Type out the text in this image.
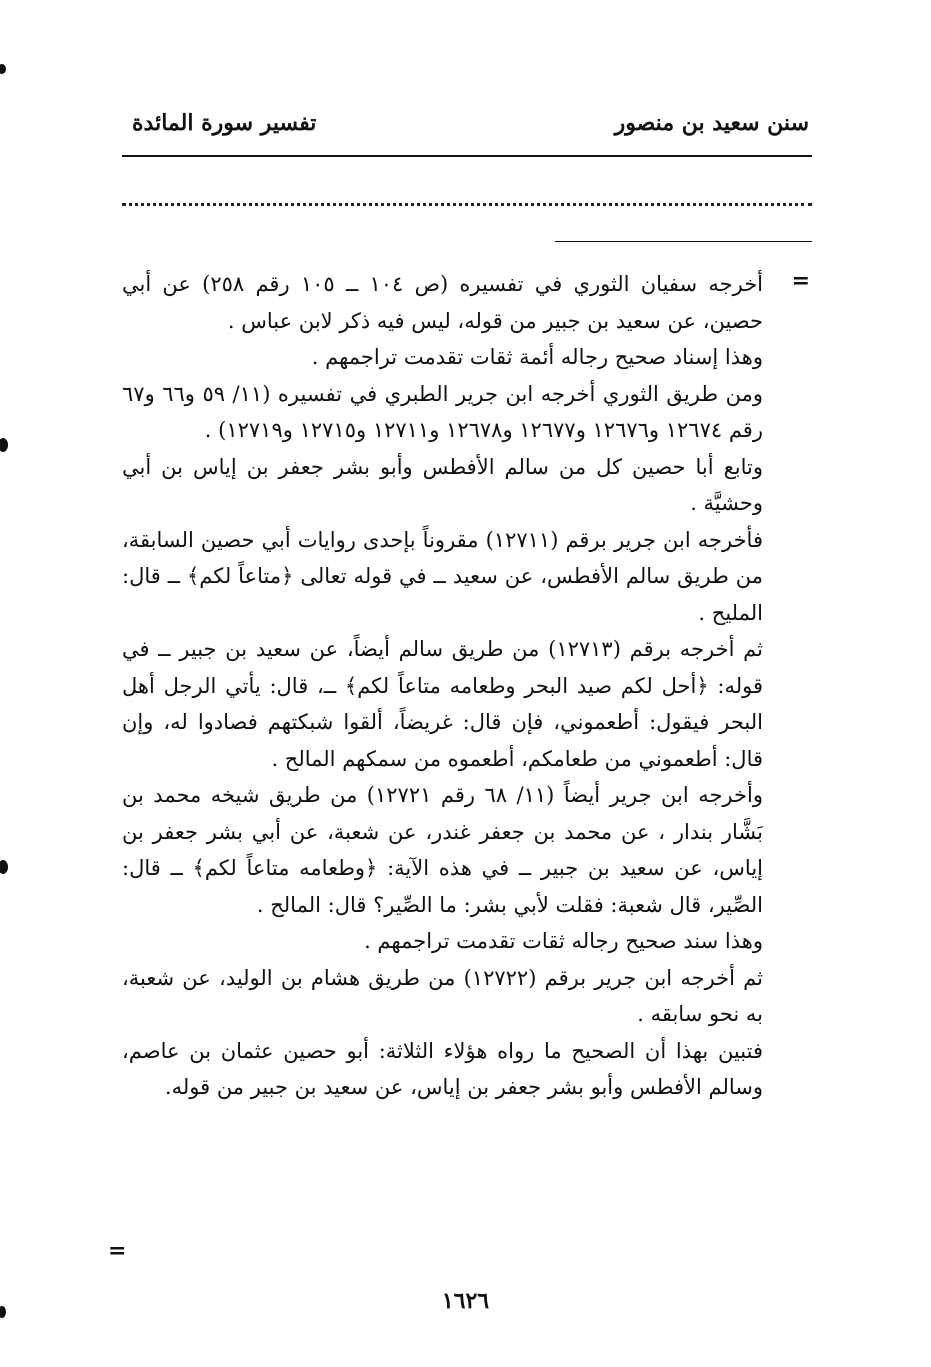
سنن سعيد بن منصور
تفسير سورة المائدة
=

أخرجه سفيان الثوري في تفسيره (ص ١٠٤ ــ ١٠٥ رقم ٢٥٨) عن أبي حصين، عن سعيد بن جبير من قوله، ليس فيه ذكر لابن عباس .

وهذا إسناد صحيح رجاله أئمة ثقات تقدمت تراجمهم .

ومن طريق الثوري أخرجه ابن جرير الطبري في تفسيره (١١/ ٥٩ و٦٦ و٦٧ رقم ١٢٦٧٤ و١٢٦٧٦ و١٢٦٧٧ و١٢٦٧٨ و١٢٧١١ و١٢٧١٥ و١٢٧١٩) .

وتابع أبا حصين كل من سالم الأفطس وأبو بشر جعفر بن إياس بن أبي وحشيَّة .

فأخرجه ابن جرير برقم (١٢٧١١) مقروناً بإحدى روايات أبي حصين السابقة، من طريق سالم الأفطس، عن سعيد ــ في قوله تعالى ﴿متاعاً لكم﴾ ــ قال: المليح .

ثم أخرجه برقم (١٢٧١٣) من طريق سالم أيضاً، عن سعيد بن جبير ــ في قوله: ﴿أحل لكم صيد البحر وطعامه متاعاً لكم﴾ ــ، قال: يأتي الرجل أهل البحر فيقول: أطعموني، فإن قال: غريضاً، ألقوا شبكتهم فصادوا له، وإن قال: أطعموني من طعامكم، أطعموه من سمكهم المالح .

وأخرجه ابن جرير أيضاً (١١/ ٦٨ رقم ١٢٧٢١) من طريق شيخه محمد بن بَشَّار بندار ، عن محمد بن جعفر غندر، عن شعبة، عن أبي بشر جعفر بن إياس، عن سعيد بن جبير ــ في هذه الآية: ﴿وطعامه متاعاً لكم﴾ ــ قال: الصِّير، قال شعبة: فقلت لأبي بشر: ما الصِّير؟ قال: المالح .

وهذا سند صحيح رجاله ثقات تقدمت تراجمهم .

ثم أخرجه ابن جرير برقم (١٢٧٢٢) من طريق هشام بن الوليد، عن شعبة، به نحو سابقه .

فتبين بهذا أن الصحيح ما رواه هؤلاء الثلاثة: أبو حصين عثمان بن عاصم، وسالم الأفطس وأبو بشر جعفر بن إياس، عن سعيد بن جبير من قوله.

=
١٦٢٦
